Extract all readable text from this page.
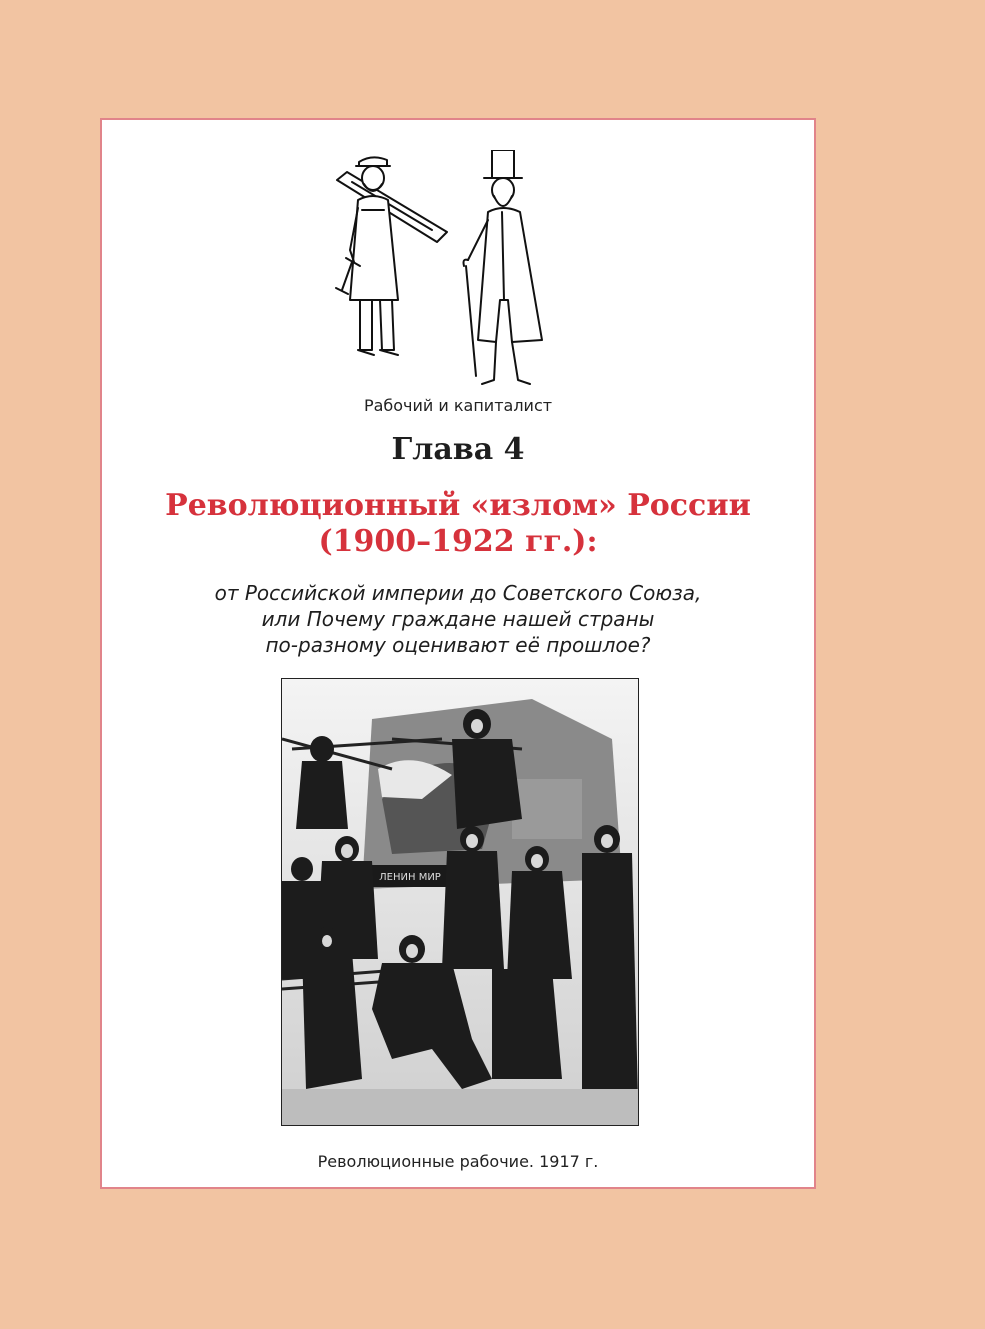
Рабочий и капиталист
Глава 4
Революционный «излом» России
(1900–1922 гг.):
от Российской империи до Советского Союза,
или Почему граждане нашей страны
по-разному оценивают её прошлое?
ЛЕНИН МИР
Революционные рабочие. 1917 г.
